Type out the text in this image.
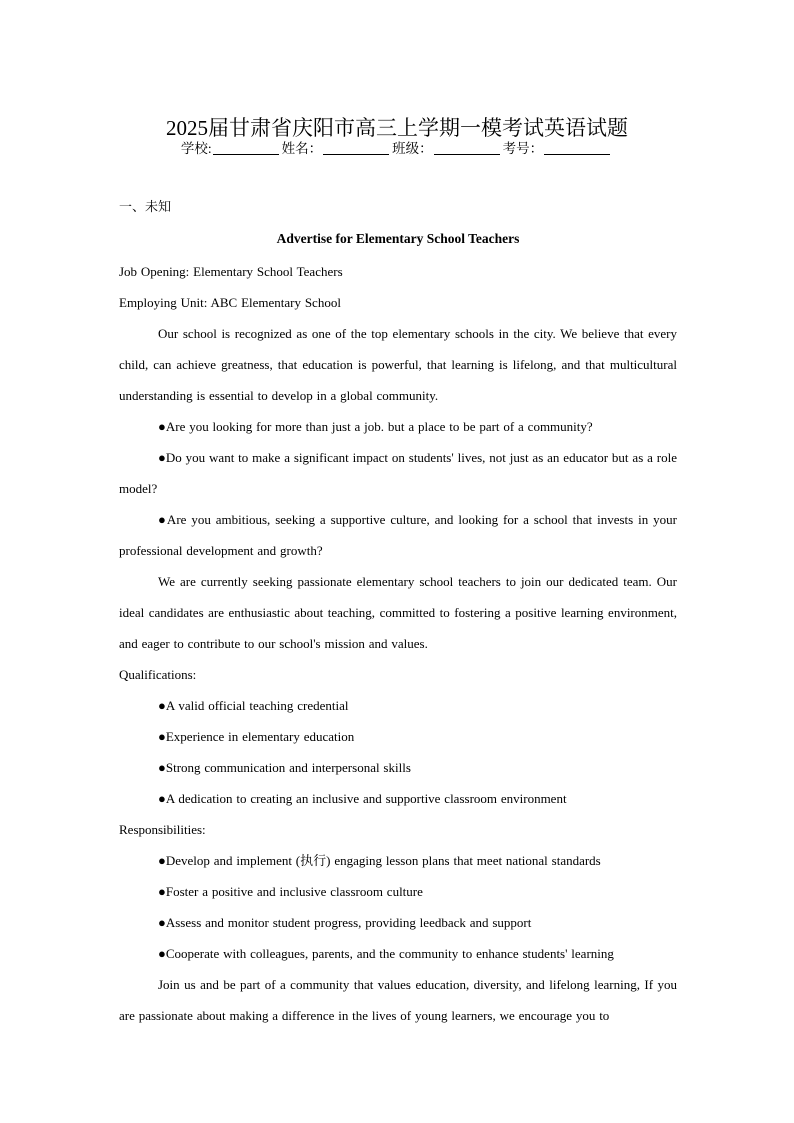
2025届甘肃省庆阳市高三上学期一模考试英语试题
学校:	姓名：	班级：	考号：
一、未知
Advertise for Elementary School Teachers

Job Opening: Elementary School Teachers

Employing Unit: ABC Elementary School

Our school is recognized as one of the top elementary schools in the city. We believe that every child, can achieve greatness, that education is powerful, that learning is lifelong, and that multicultural understanding is essential to develop in a global community.

●Are you looking for more than just a job. but a place to be part of a community?

●Do you want to make a significant impact on students' lives, not just as an educator but as a role model?

●Are you ambitious, seeking a supportive culture, and looking for a school that invests in your professional development and growth?

We are currently seeking passionate elementary school teachers to join our dedicated team. Our ideal candidates are enthusiastic about teaching, committed to fostering a positive learning environment, and eager to contribute to our school's mission and values.

Qualifications:

●A valid official teaching credential

●Experience in elementary education

●Strong communication and interpersonal skills

●A dedication to creating an inclusive and supportive classroom environment

Responsibilities:

●Develop and implement (执行) engaging lesson plans that meet national standards

●Foster a positive and inclusive classroom culture

●Assess and monitor student progress, providing leedback and support

●Cooperate with colleagues, parents, and the community to enhance students' learning

Join us and be part of a community that values education, diversity, and lifelong learning, If you are passionate about making a difference in the lives of young learners, we encourage you to
